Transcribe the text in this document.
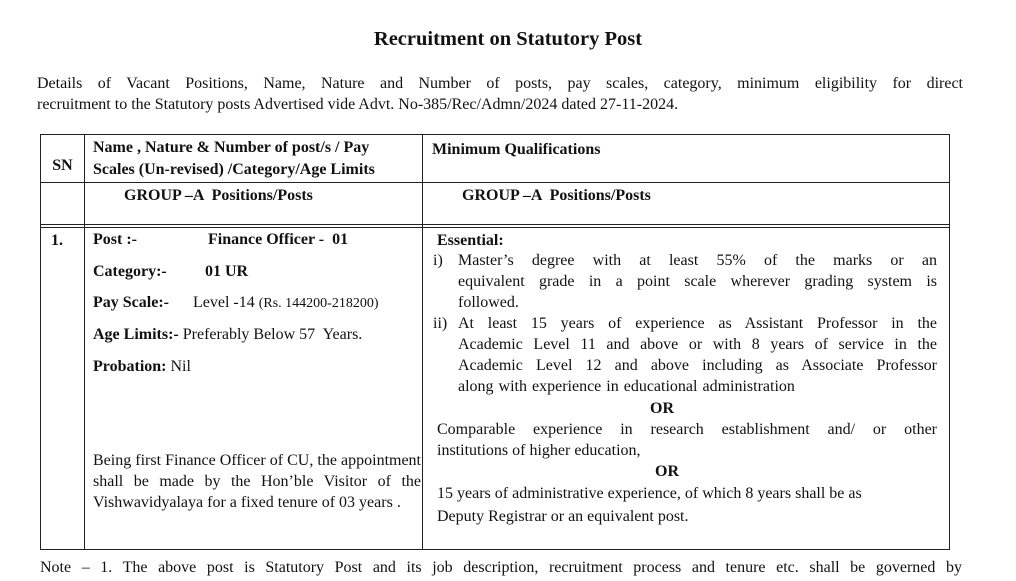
Recruitment on Statutory Post

Details of Vacant Positions, Name, Nature and Number of posts, pay scales, category, minimum eligibility for direct

recruitment to the Statutory posts Advertised vide Advt. No-385/Rec/Admn/2024 dated 27-11-2024.

SN
Name , Nature & Number of post/s / Pay
Scales (Un-revised) /Category/Age Limits
Minimum Qualifications
GROUP –A  Positions/Posts	GROUP –A  Positions/Posts
1. Post :-	Finance Officer -  01
Category:- 01 UR
Pay Scale:- Level -14 (Rs. 144200-218200)
Age Limits:- Preferably Below 57  Years.
Probation: Nil
Being first Finance Officer of CU, the appointment shall be made by the Hon’ble Visitor of the Vishwavidyalaya for a fixed tenure of 03 years .
Essential:
i) Master’s degree with at least 55% of the marks or an
equivalent grade in a point scale wherever grading system is
followed.
ii) At least 15 years of experience as Assistant Professor in the
Academic Level 11 and above or with 8 years of service in the
Academic Level 12 and above including as Associate Professor
along with experience in educational administration
OR
Comparable experience in research establishment and/ or other
institutions of higher education,
OR
15 years of administrative experience, of which 8 years shall be as
Deputy Registrar or an equivalent post.
Note – 1. The above post is Statutory Post and its job description, recruitment process and tenure etc. shall be governed by
